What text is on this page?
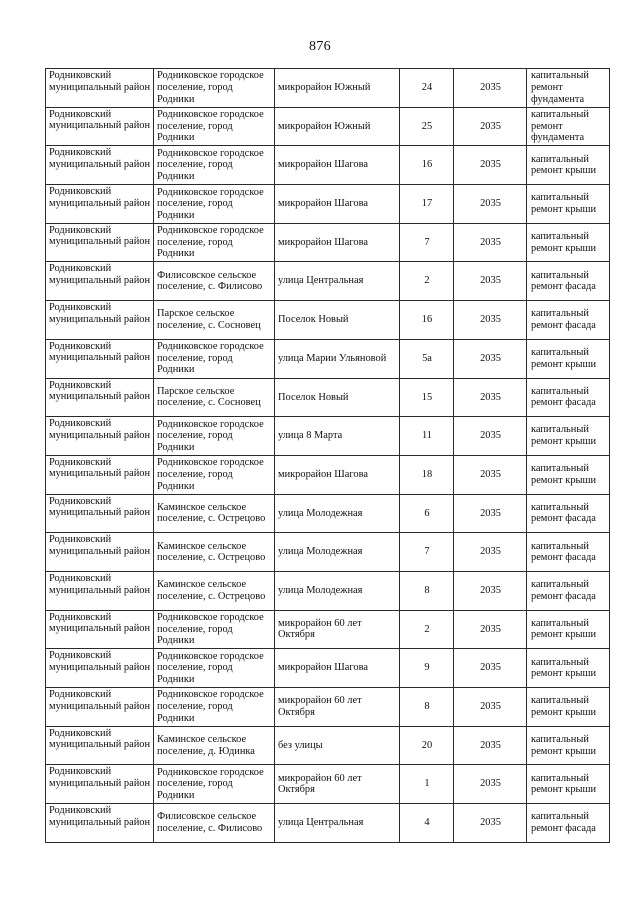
876
Родниковский муниципальный район	Родниковское городское поселение, город Родники	микрорайон Южный	24	2035	капитальный ремонт фундамента
Родниковский муниципальный район	Родниковское городское поселение, город Родники	микрорайон Южный	25	2035	капитальный ремонт фундамента
Родниковский муниципальный район	Родниковское городское поселение, город Родники	микрорайон Шагова	16	2035	капитальный ремонт крыши
Родниковский муниципальный район	Родниковское городское поселение, город Родники	микрорайон Шагова	17	2035	капитальный ремонт крыши
Родниковский муниципальный район	Родниковское городское поселение, город Родники	микрорайон Шагова	7	2035	капитальный ремонт крыши
Родниковский муниципальный район	Филисовское сельское поселение, с. Филисово	улица Центральная	2	2035	капитальный ремонт фасада
Родниковский муниципальный район	Парское сельское поселение, с. Сосновец	Поселок Новый	16	2035	капитальный ремонт фасада
Родниковский муниципальный район	Родниковское городское поселение, город Родники	улица Марии Ульяновой	5а	2035	капитальный ремонт крыши
Родниковский муниципальный район	Парское сельское поселение, с. Сосновец	Поселок Новый	15	2035	капитальный ремонт фасада
Родниковский муниципальный район	Родниковское городское поселение, город Родники	улица 8 Марта	11	2035	капитальный ремонт крыши
Родниковский муниципальный район	Родниковское городское поселение, город Родники	микрорайон Шагова	18	2035	капитальный ремонт крыши
Родниковский муниципальный район	Каминское сельское поселение, с. Острецово	улица Молодежная	6	2035	капитальный ремонт фасада
Родниковский муниципальный район	Каминское сельское поселение, с. Острецово	улица Молодежная	7	2035	капитальный ремонт фасада
Родниковский муниципальный район	Каминское сельское поселение, с. Острецово	улица Молодежная	8	2035	капитальный ремонт фасада
Родниковский муниципальный район	Родниковское городское поселение, город Родники	микрорайон 60 лет Октября	2	2035	капитальный ремонт крыши
Родниковский муниципальный район	Родниковское городское поселение, город Родники	микрорайон Шагова	9	2035	капитальный ремонт крыши
Родниковский муниципальный район	Родниковское городское поселение, город Родники	микрорайон 60 лет Октября	8	2035	капитальный ремонт крыши
Родниковский муниципальный район	Каминское сельское поселение, д. Юдинка	без улицы	20	2035	капитальный ремонт крыши
Родниковский муниципальный район	Родниковское городское поселение, город Родники	микрорайон 60 лет Октября	1	2035	капитальный ремонт крыши
Родниковский муниципальный район	Филисовское сельское поселение, с. Филисово	улица Центральная	4	2035	капитальный ремонт фасада
